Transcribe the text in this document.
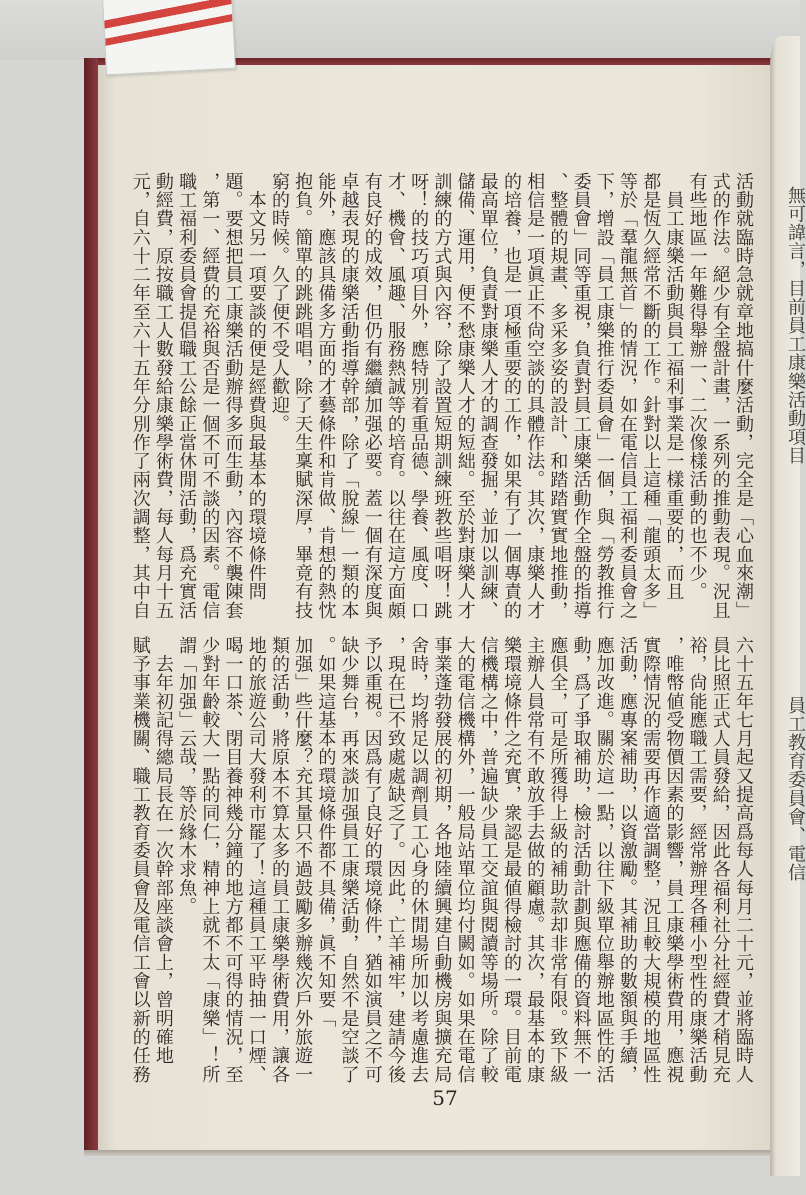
無可諱言，目前員工康樂活動項目
員工教育委員會、電信
活動就臨時急就章地搞什麼活動，完全是「心血來潮」
式的作法。絕少有全盤計畫，一系列的推動表現。況且
有些地區一年難得舉辦一、二次像樣活動的也不少。
　員工康樂活動與員工福利事業是一樣重要的，而且
都是恆久經常不斷的工作。針對以上這種「龍頭太多」
等於「羣龍無首」的情況，如在電信員工福利委員會之
下，增設「員工康樂推行委員會」一個，與「勞教推行
委員會」同等重視，負責對員工康樂活動作全盤的指導
、整體的規畫、多采多姿的設計、和踏踏實實地推動，
相信是一項眞正不尙空談的具體作法。其次，康樂人才
的培養，也是一項極重要的工作，如果有了一個專責的
最高單位，負責對康樂人才的調查發掘，並加以訓練、
儲備、運用，便不愁康樂人才的短絀。至於對康樂人才
訓練的方式與內容，除了設置短期訓練班教些唱呀！跳
呀！的技巧項目外，應特別着重品德、學養、風度、口
才、機會、風趣、服務熱誠等的培育。以往在這方面頗
有良好的成效，但仍有繼續加强必要。蓋一個有深度與
卓越表現的康樂活動指導幹部，除了「脫線」一類的本
能外，應該具備多方面的才藝條件和肯做、肯想的熱忱
抱負。簡單的跳跳唱唱，除了天生稟賦深厚，畢竟有技
窮的時候。久了便不受人歡迎。
　本文另一項要談的便是經費與最基本的環境條件問
題。要想把員工康樂活動辦得多而生動，內容不襲陳套
，第一、經費的充裕與否是一個不可不談的因素。電信
職工福利委員會提倡職工公餘正當休閒活動，爲充實活
動經費，原按職工人數發給康樂學術費，每人每月十五
元，自六十二年至六十五年分別作了兩次調整，其中自
六十五年七月起又提高爲每人每月二十元，並將臨時人
員比照正式人員發給，因此各福利社分社經費才稍見充
裕，尙能應職工需要，經常辦理各種小型性的康樂活動
，唯幣値受物價因素的影響，員工康樂學術費用，應視
實際情況的需要再作適當調整，況且較大規模的地區性
活動，應專案補助，以資激勵。其補助的數額與手續，
應加改進。關於這一點，以往下級單位舉辦地區性的活
動，爲了爭取補助，檢討活動計劃與應備的資料無不一
應俱全，可是所獲得上級的補助款却非常有限。致下級
主辦人員常有不敢放手去做的顧慮。其次，最基本的康
樂環境條件之充實，衆認是最値得檢討的一環。目前電
信機構之中，普遍缺少員工交誼與閱讀等場所。除了較
大的電信機構外，一般局站單位均付闕如。如果在電信
事業蓬勃發展的初期，各地陸續興建自動機房與擴充局
舍時，均將足以調劑員工心身的休閒場所加以考慮進去
，現在已不致處處缺乏了。因此，亡羊補牢，建請今後
予以重視。因爲有了良好的環境條件，猶如演員之不可
缺少舞台，再來談加强員工康樂活動，自然不是空談了
。如果這基本的環境條件都不具備，眞不知要「
加强」些什麼？充其量只不過鼓勵多辦幾次戶外旅遊一
類的活動，將原本不算太多的員工康樂學術費用，讓各
地的旅遊公司大發利市罷了！這種員工平時抽一口煙、
喝一口茶、閉目養神幾分鐘的地方都不可得的情況，至
少對年齡較大一點的同仁，精神上就不太「康樂」！所
謂「加强」云哉，等於緣木求魚。
　去年初記得總局長在一次幹部座談會上，曾明確地
賦予事業機關、職工教育委員會及電信工會以新的任務
57
